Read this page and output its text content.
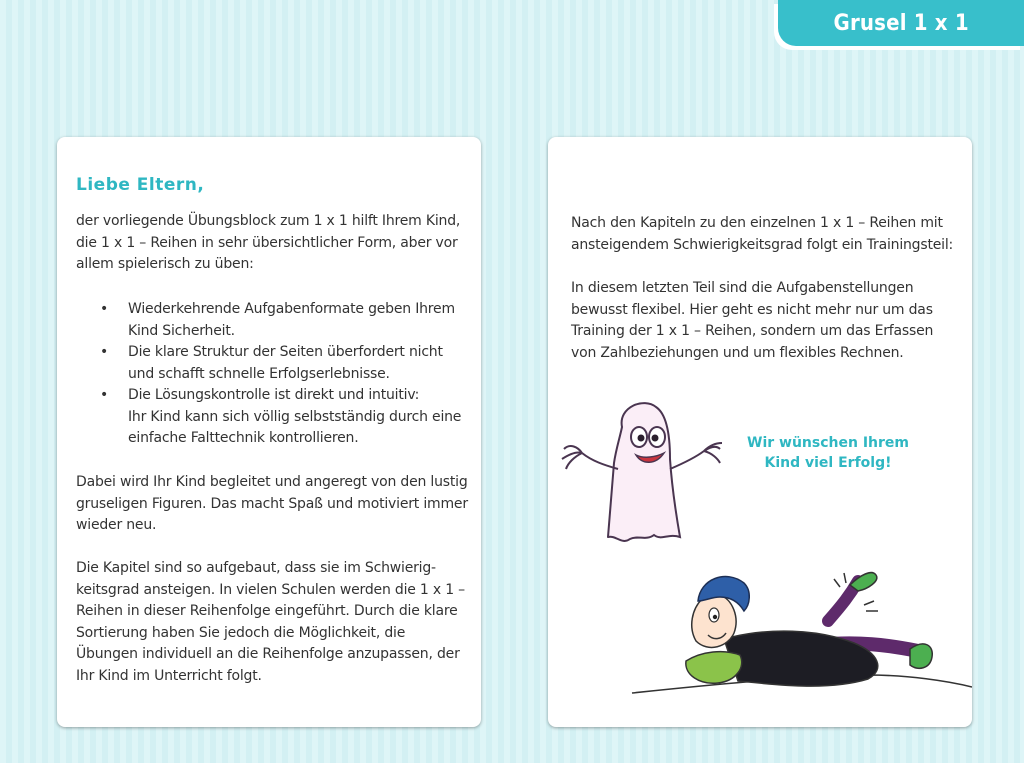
Grusel 1 x 1
Liebe Eltern,

der vorliegende Übungsblock zum 1 x 1 hilft Ihrem Kind, die 1 x 1 – Reihen in sehr übersichtlicher Form, aber vor allem spielerisch zu üben:

• Wiederkehrende Aufgabenformate geben Ihrem Kind Sicherheit.
• Die klare Struktur der Seiten überfordert nicht und schafft schnelle Erfolgserlebnisse.
• Die Lösungskontrolle ist direkt und intuitiv:
Ihr Kind kann sich völlig selbstständig durch eine einfache Falttechnik kontrollieren.

Dabei wird Ihr Kind begleitet und angeregt von den lustig gruseligen Figuren. Das macht Spaß und motiviert immer wieder neu.

Die Kapitel sind so aufgebaut, dass sie im Schwierig-keitsgrad ansteigen. In vielen Schulen werden die 1 x 1 – Reihen in dieser Reihenfolge eingeführt. Durch die klare Sortierung haben Sie jedoch die Möglichkeit, die Übungen individuell an die Reihenfolge anzupassen, der Ihr Kind im Unterricht folgt.

Nach den Kapiteln zu den einzelnen 1 x 1 – Reihen mit ansteigendem Schwierigkeitsgrad folgt ein Trainingsteil:

In diesem letzten Teil sind die Aufgabenstellungen bewusst flexibel. Hier geht es nicht mehr nur um das Training der 1 x 1 – Reihen, sondern um das Erfassen von Zahlbeziehungen und um flexibles Rechnen.

Wir wünschen Ihrem
Kind viel Erfolg!
